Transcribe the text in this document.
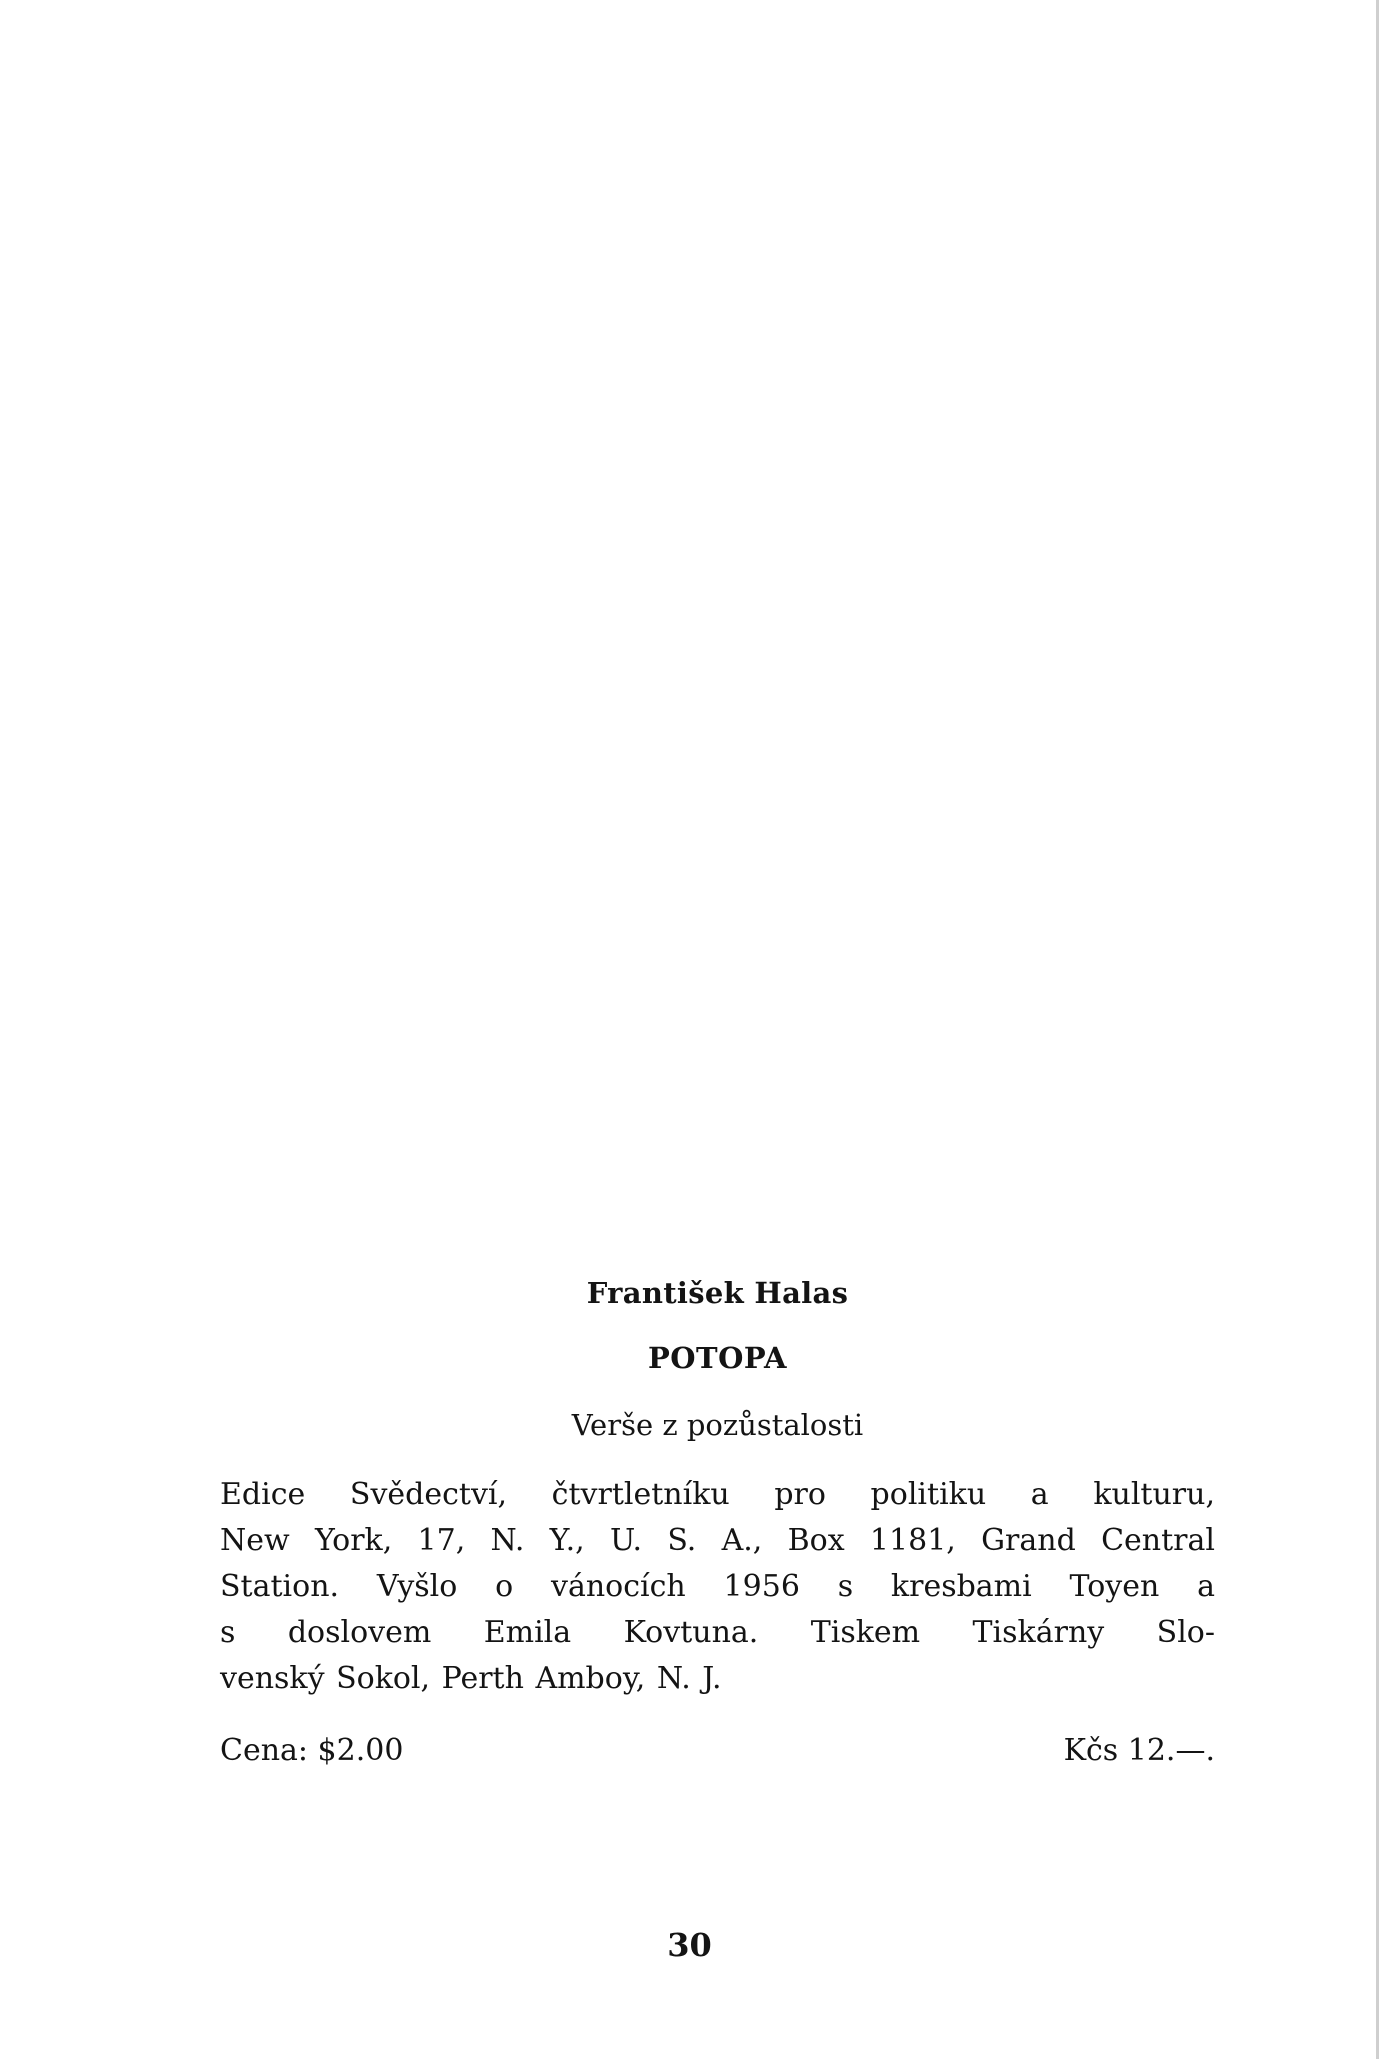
František Halas
POTOPA
Verše z pozůstalosti
Edice Svědectví, čtvrtletníku pro politiku a kulturu,
New York, 17, N. Y., U. S. A., Box 1181, Grand Central
Station. Vyšlo o vánocích 1956 s kresbami Toyen a
s doslovem Emila Kovtuna. Tiskem Tiskárny Slo-
venský Sokol, Perth Amboy, N. J.
Cena: $2.00	Kčs 12.—.
30
